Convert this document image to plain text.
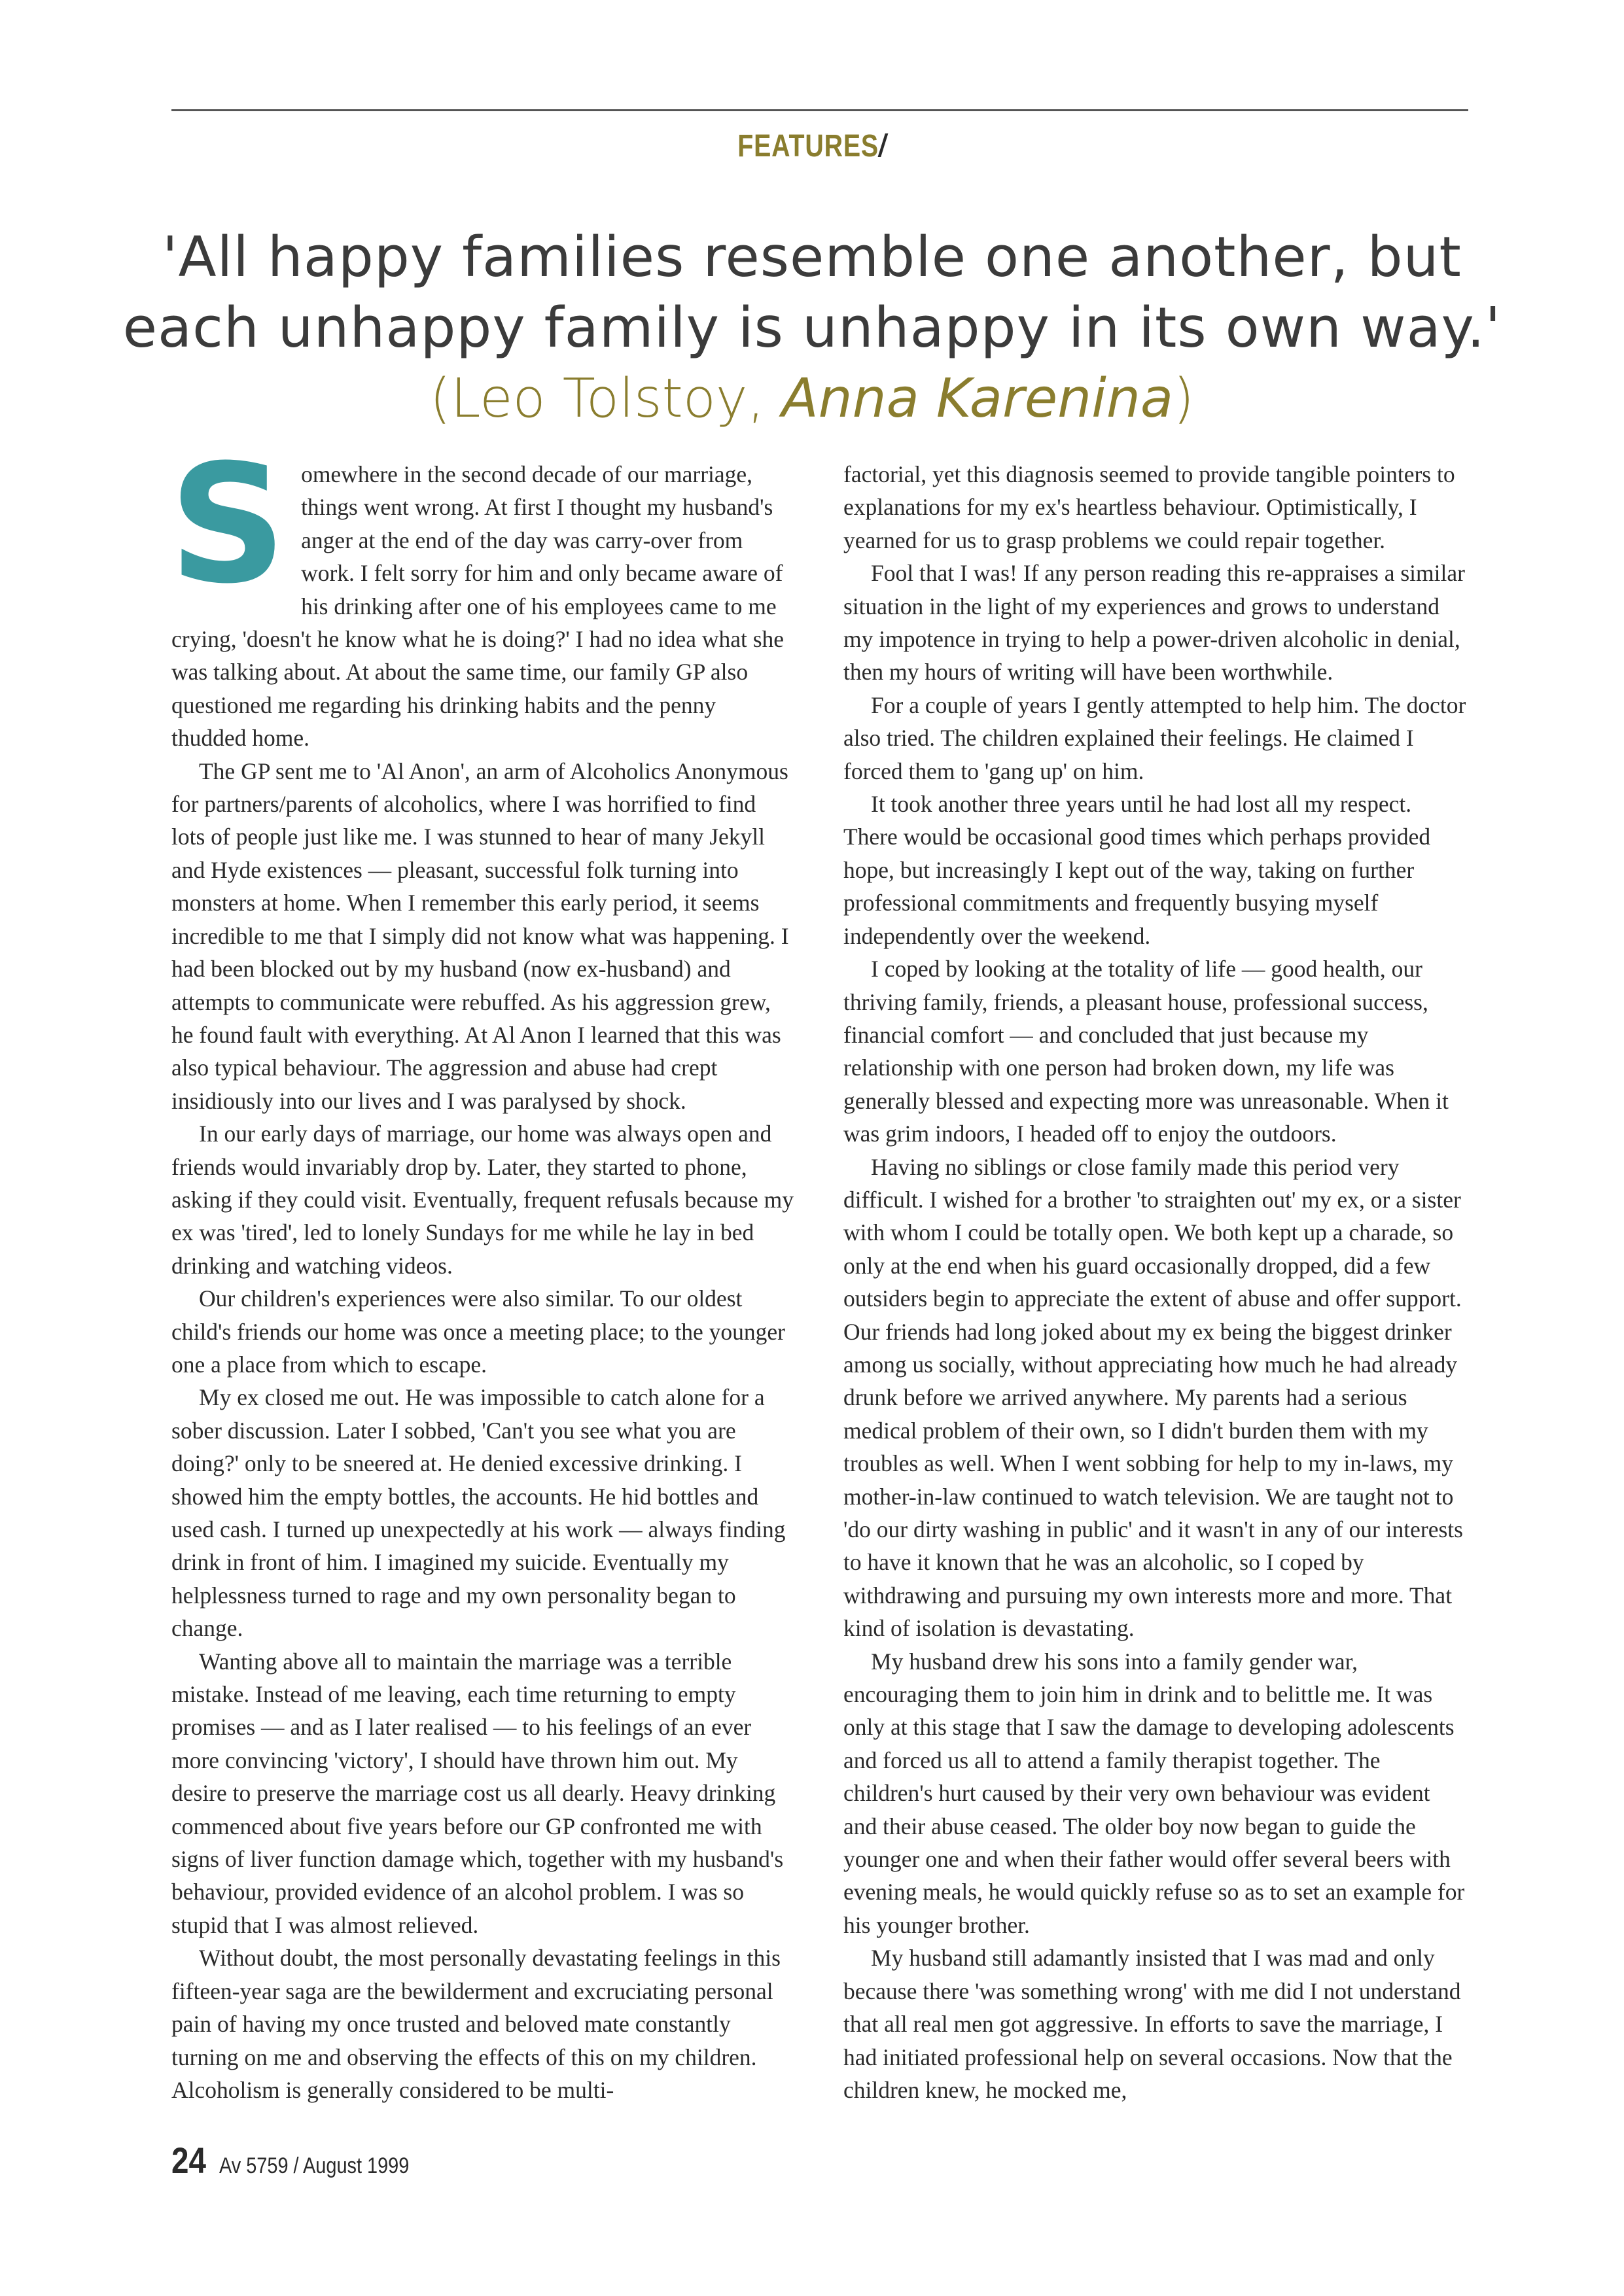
FEATURES/
'All happy families resemble one another, but
each unhappy family is unhappy in its own way.'
(Leo Tolstoy, Anna Karenina)

Somewhere in the second decade of our marriage, things went wrong. At first I thought my husband's anger at the end of the day was carry-over from work. I felt sorry for him and only became aware of his drinking after one of his employees came to me crying, 'doesn't he know what he is doing?' I had no idea what she was talking about. At about the same time, our family GP also questioned me regarding his drinking habits and the penny thudded home.

The GP sent me to 'Al Anon', an arm of Alcoholics Anonymous for partners/parents of alcoholics, where I was horrified to find lots of people just like me. I was stunned to hear of many Jekyll and Hyde existences — pleasant, successful folk turning into monsters at home. When I remember this early period, it seems incredible to me that I simply did not know what was happening. I had been blocked out by my husband (now ex-husband) and attempts to communicate were rebuffed. As his aggression grew, he found fault with everything. At Al Anon I learned that this was also typical behaviour. The aggression and abuse had crept insidiously into our lives and I was paralysed by shock.

In our early days of marriage, our home was always open and friends would invariably drop by. Later, they started to phone, asking if they could visit. Eventually, frequent refusals because my ex was 'tired', led to lonely Sundays for me while he lay in bed drinking and watching videos.

Our children's experiences were also similar. To our oldest child's friends our home was once a meeting place; to the younger one a place from which to escape.

My ex closed me out. He was impossible to catch alone for a sober discussion. Later I sobbed, 'Can't you see what you are doing?' only to be sneered at. He denied excessive drinking. I showed him the empty bottles, the accounts. He hid bottles and used cash. I turned up unexpectedly at his work — always finding drink in front of him. I imagined my suicide. Eventually my helplessness turned to rage and my own personality began to change.

Wanting above all to maintain the marriage was a terrible mistake. Instead of me leaving, each time returning to empty promises — and as I later realised — to his feelings of an ever more convincing 'victory', I should have thrown him out. My desire to preserve the marriage cost us all dearly. Heavy drinking commenced about five years before our GP confronted me with signs of liver function damage which, together with my husband's behaviour, provided evidence of an alcohol problem. I was so stupid that I was almost relieved.

Without doubt, the most personally devastating feelings in this fifteen-year saga are the bewilderment and excruciating personal pain of having my once trusted and beloved mate constantly turning on me and observing the effects of this on my children. Alcoholism is generally considered to be multi-

factorial, yet this diagnosis seemed to provide tangible pointers to explanations for my ex's heartless behaviour. Optimistically, I yearned for us to grasp problems we could repair together.

Fool that I was! If any person reading this re-appraises a similar situation in the light of my experiences and grows to understand my impotence in trying to help a power-driven alcoholic in denial, then my hours of writing will have been worthwhile.

For a couple of years I gently attempted to help him. The doctor also tried. The children explained their feelings. He claimed I forced them to 'gang up' on him.

It took another three years until he had lost all my respect. There would be occasional good times which perhaps provided hope, but increasingly I kept out of the way, taking on further professional commitments and frequently busying myself independently over the weekend.

I coped by looking at the totality of life — good health, our thriving family, friends, a pleasant house, professional success, financial comfort — and concluded that just because my relationship with one person had broken down, my life was generally blessed and expecting more was unreasonable. When it was grim indoors, I headed off to enjoy the outdoors.

Having no siblings or close family made this period very difficult. I wished for a brother 'to straighten out' my ex, or a sister with whom I could be totally open. We both kept up a charade, so only at the end when his guard occasionally dropped, did a few outsiders begin to appreciate the extent of abuse and offer support. Our friends had long joked about my ex being the biggest drinker among us socially, without appreciating how much he had already drunk before we arrived anywhere. My parents had a serious medical problem of their own, so I didn't burden them with my troubles as well. When I went sobbing for help to my in-laws, my mother-in-law continued to watch television. We are taught not to 'do our dirty washing in public' and it wasn't in any of our interests to have it known that he was an alcoholic, so I coped by withdrawing and pursuing my own interests more and more. That kind of isolation is devastating.

My husband drew his sons into a family gender war, encouraging them to join him in drink and to belittle me. It was only at this stage that I saw the damage to developing adolescents and forced us all to attend a family therapist together. The children's hurt caused by their very own behaviour was evident and their abuse ceased. The older boy now began to guide the younger one and when their father would offer several beers with evening meals, he would quickly refuse so as to set an example for his younger brother.

My husband still adamantly insisted that I was mad and only because there 'was something wrong' with me did I not understand that all real men got aggressive. In efforts to save the marriage, I had initiated professional help on several occasions. Now that the children knew, he mocked me,

24 Av 5759 / August 1999
